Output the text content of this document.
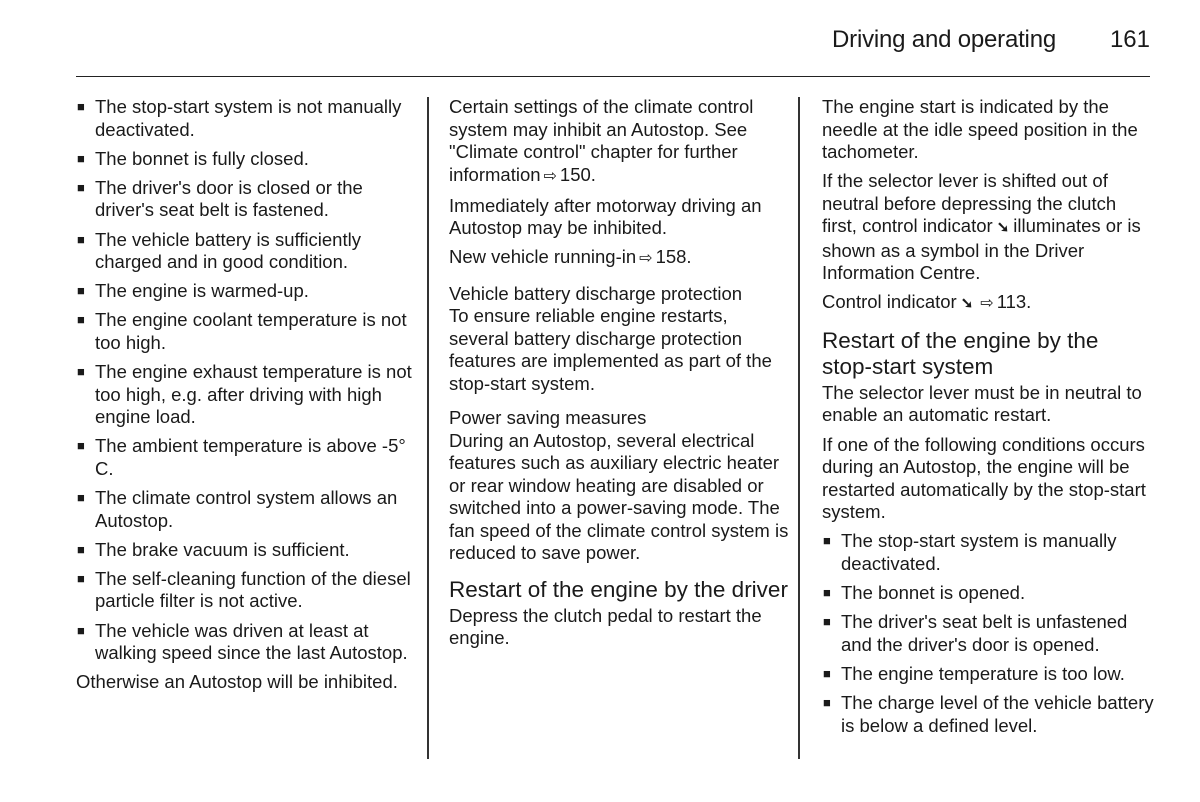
Driving and operating 161
■ The stop-start system is not manually deactivated.
■ The bonnet is fully closed.
■ The driver's door is closed or the driver's seat belt is fastened.
■ The vehicle battery is sufficiently charged and in good condition.
■ The engine is warmed-up.
■ The engine coolant temperature is not too high.
■ The engine exhaust temperature is not too high, e.g. after driving with high engine load.
■ The ambient temperature is above -5° C.
■ The climate control system allows an Autostop.
■ The brake vacuum is sufficient.
■ The self-cleaning function of the diesel particle filter is not active.
■ The vehicle was driven at least at walking speed since the last Autostop.

Otherwise an Autostop will be inhibited.

Certain settings of the climate control system may inhibit an Autostop. See "Climate control" chapter for further information ⇨ 150.

Immediately after motorway driving an Autostop may be inhibited.

New vehicle running-in ⇨ 158.

Vehicle battery discharge protection

To ensure reliable engine restarts, several battery discharge protection features are implemented as part of the stop-start system.

Power saving measures

During an Autostop, several electrical features such as auxiliary electric heater or rear window heating are disabled or switched into a power-saving mode. The fan speed of the climate control system is reduced to save power.

Restart of the engine by the driver

Depress the clutch pedal to restart the engine.

The engine start is indicated by the needle at the idle speed position in the tachometer.

If the selector lever is shifted out of neutral before depressing the clutch first, control indicator ➘ illuminates or is shown as a symbol in the Driver Information Centre.

Control indicator ➘ ⇨ 113.

Restart of the engine by the stop-start system

The selector lever must be in neutral to enable an automatic restart.

If one of the following conditions occurs during an Autostop, the engine will be restarted automatically by the stop-start system.

■ The stop-start system is manually deactivated.
■ The bonnet is opened.
■ The driver's seat belt is unfastened and the driver's door is opened.
■ The engine temperature is too low.
■ The charge level of the vehicle battery is below a defined level.
